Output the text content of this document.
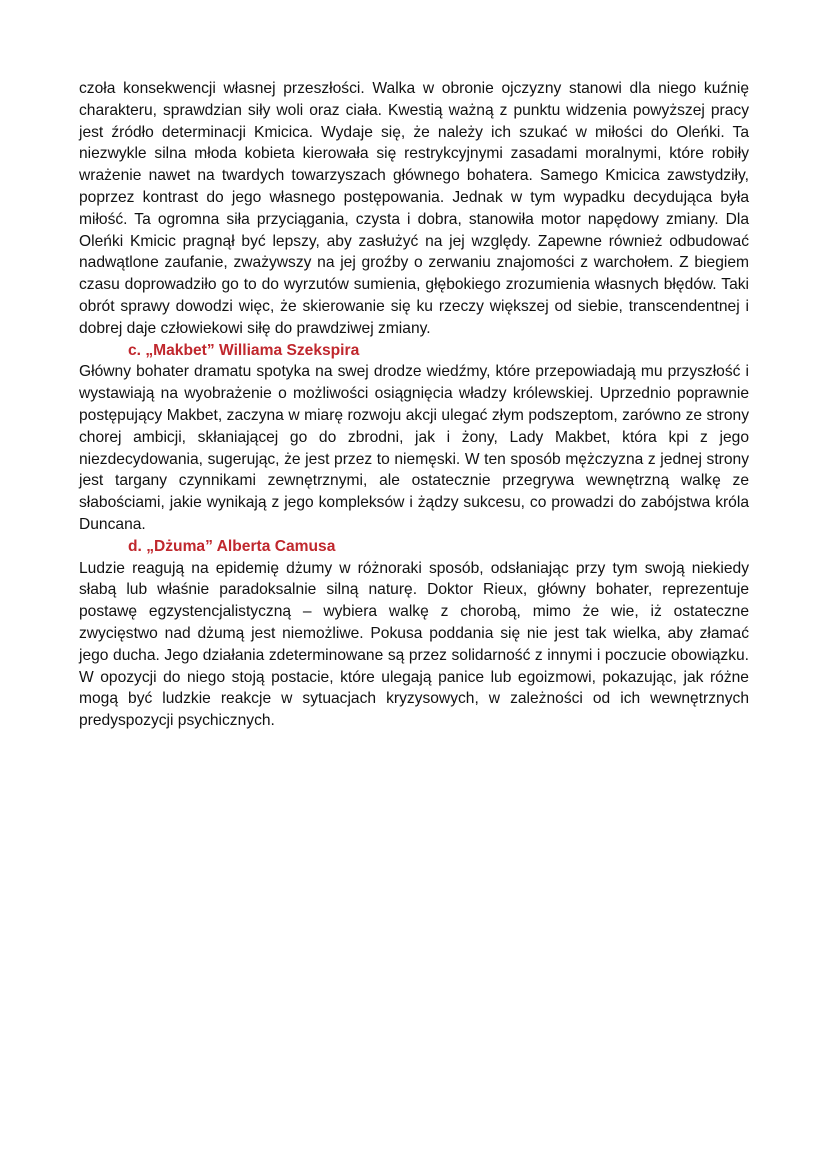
czoła konsekwencji własnej przeszłości. Walka w obronie ojczyzny stanowi dla niego kuźnię charakteru, sprawdzian siły woli oraz ciała. Kwestią ważną z punktu widzenia powyższej pracy jest źródło determinacji Kmicica. Wydaje się, że należy ich szukać w miłości do Oleńki. Ta niezwykle silna młoda kobieta kierowała się restrykcyjnymi zasadami moralnymi, które robiły wrażenie nawet na twardych towarzyszach głównego bohatera. Samego Kmicica zawstydziły, poprzez kontrast do jego własnego postępowania. Jednak w tym wypadku decydująca była miłość. Ta ogromna siła przyciągania, czysta i dobra, stanowiła motor napędowy zmiany. Dla Oleńki Kmicic pragnął być lepszy, aby zasłużyć na jej względy. Zapewne również odbudować nadwątlone zaufanie, zważywszy na jej groźby o zerwaniu znajomości z warchołem. Z biegiem czasu doprowadziło go to do wyrzutów sumienia, głębokiego zrozumienia własnych błędów. Taki obrót sprawy dowodzi więc, że skierowanie się ku rzeczy większej od siebie, transcendentnej i dobrej daje człowiekowi siłę do prawdziwej zmiany.

c. „Makbet” Williama Szekspira

Główny bohater dramatu spotyka na swej drodze wiedźmy, które przepowiadają mu przyszłość i wystawiają na wyobrażenie o możliwości osiągnięcia władzy królewskiej. Uprzednio poprawnie postępujący Makbet, zaczyna w miarę rozwoju akcji ulegać złym podszeptom, zarówno ze strony chorej ambicji, skłaniającej go do zbrodni, jak i żony, Lady Makbet, która kpi z jego niezdecydowania, sugerując, że jest przez to niemęski. W ten sposób mężczyzna z jednej strony jest targany czynnikami zewnętrznymi, ale ostatecznie przegrywa wewnętrzną walkę ze słabościami, jakie wynikają z jego kompleksów i żądzy sukcesu, co prowadzi do zabójstwa króla Duncana.

d. „Dżuma” Alberta Camusa

Ludzie reagują na epidemię dżumy w różnoraki sposób, odsłaniając przy tym swoją niekiedy słabą lub właśnie paradoksalnie silną naturę. Doktor Rieux, główny bohater, reprezentuje postawę egzystencjalistyczną – wybiera walkę z chorobą, mimo że wie, iż ostateczne zwycięstwo nad dżumą jest niemożliwe. Pokusa poddania się nie jest tak wielka, aby złamać jego ducha. Jego działania zdeterminowane są przez solidarność z innymi i poczucie obowiązku. W opozycji do niego stoją postacie, które ulegają panice lub egoizmowi, pokazując, jak różne mogą być ludzkie reakcje w sytuacjach kryzysowych, w zależności od ich wewnętrznych predyspozycji psychicznych.
